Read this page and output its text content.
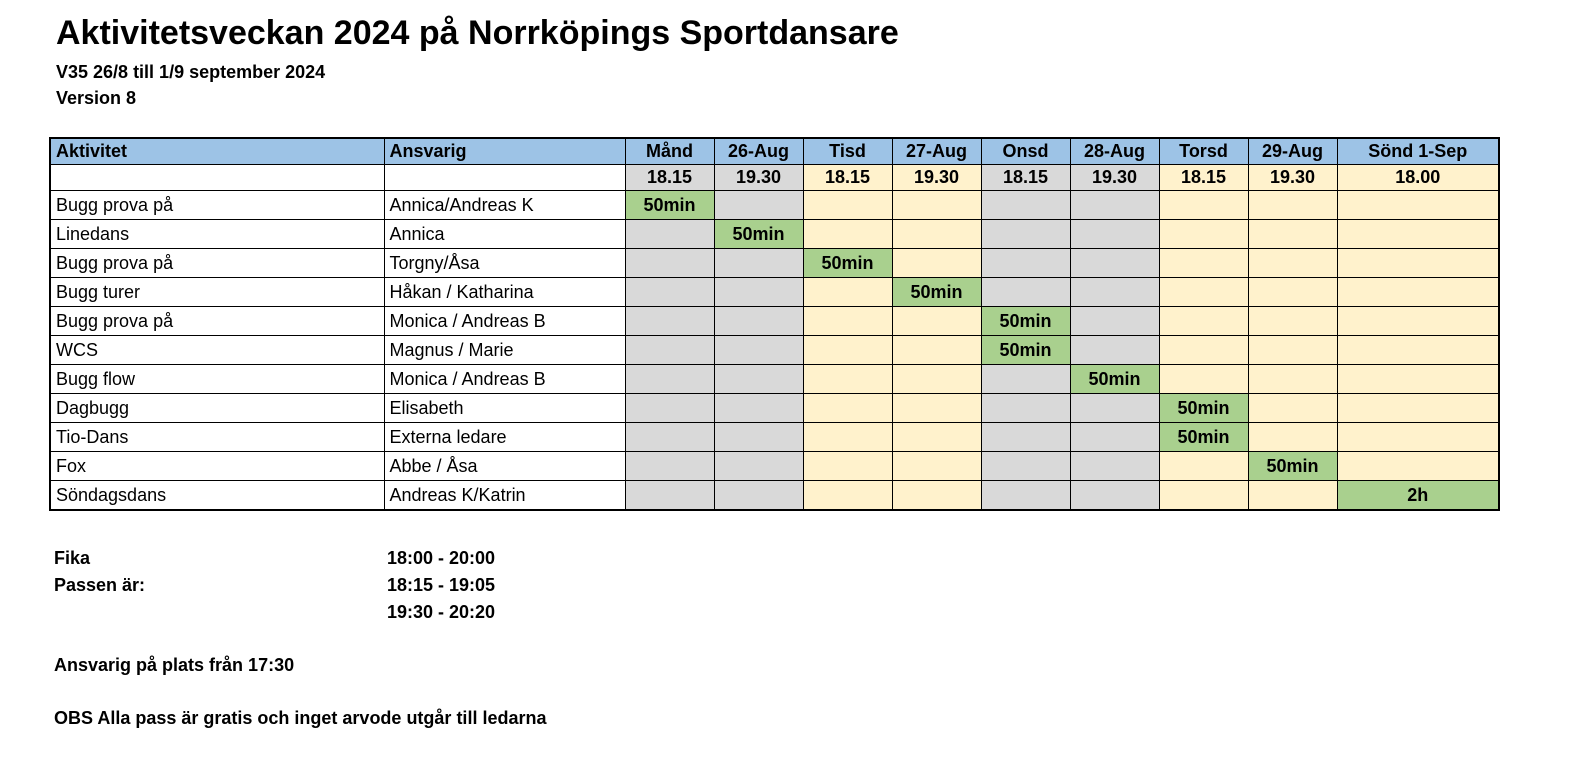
Aktivitetsveckan 2024 på Norrköpings Sportdansare
V35 26/8 till 1/9 september 2024
Version 8
Aktivitet	Ansvarig	Månd	26-Aug	Tisd	27-Aug	Onsd	28-Aug	Torsd	29-Aug	Sönd 1-Sep
		18.15	19.30	18.15	19.30	18.15	19.30	18.15	19.30	18.00
Bugg prova på	Annica/Andreas K	50min								
Linedans	Annica		50min							
Bugg prova på	Torgny/Åsa			50min						
Bugg turer	Håkan / Katharina				50min					
Bugg prova på	Monica / Andreas B					50min				
WCS	Magnus / Marie					50min				
Bugg flow	Monica / Andreas B						50min			
Dagbugg	Elisabeth							50min		
Tio-Dans	Externa ledare							50min		
Fox	Abbe / Åsa								50min	
Söndagsdans	Andreas K/Katrin									2h
Fika	18:00 - 20:00
Passen är:	18:15 - 19:05
19:30 - 20:20
Ansvarig på plats från 17:30
OBS Alla pass är gratis och inget arvode utgår till ledarna
